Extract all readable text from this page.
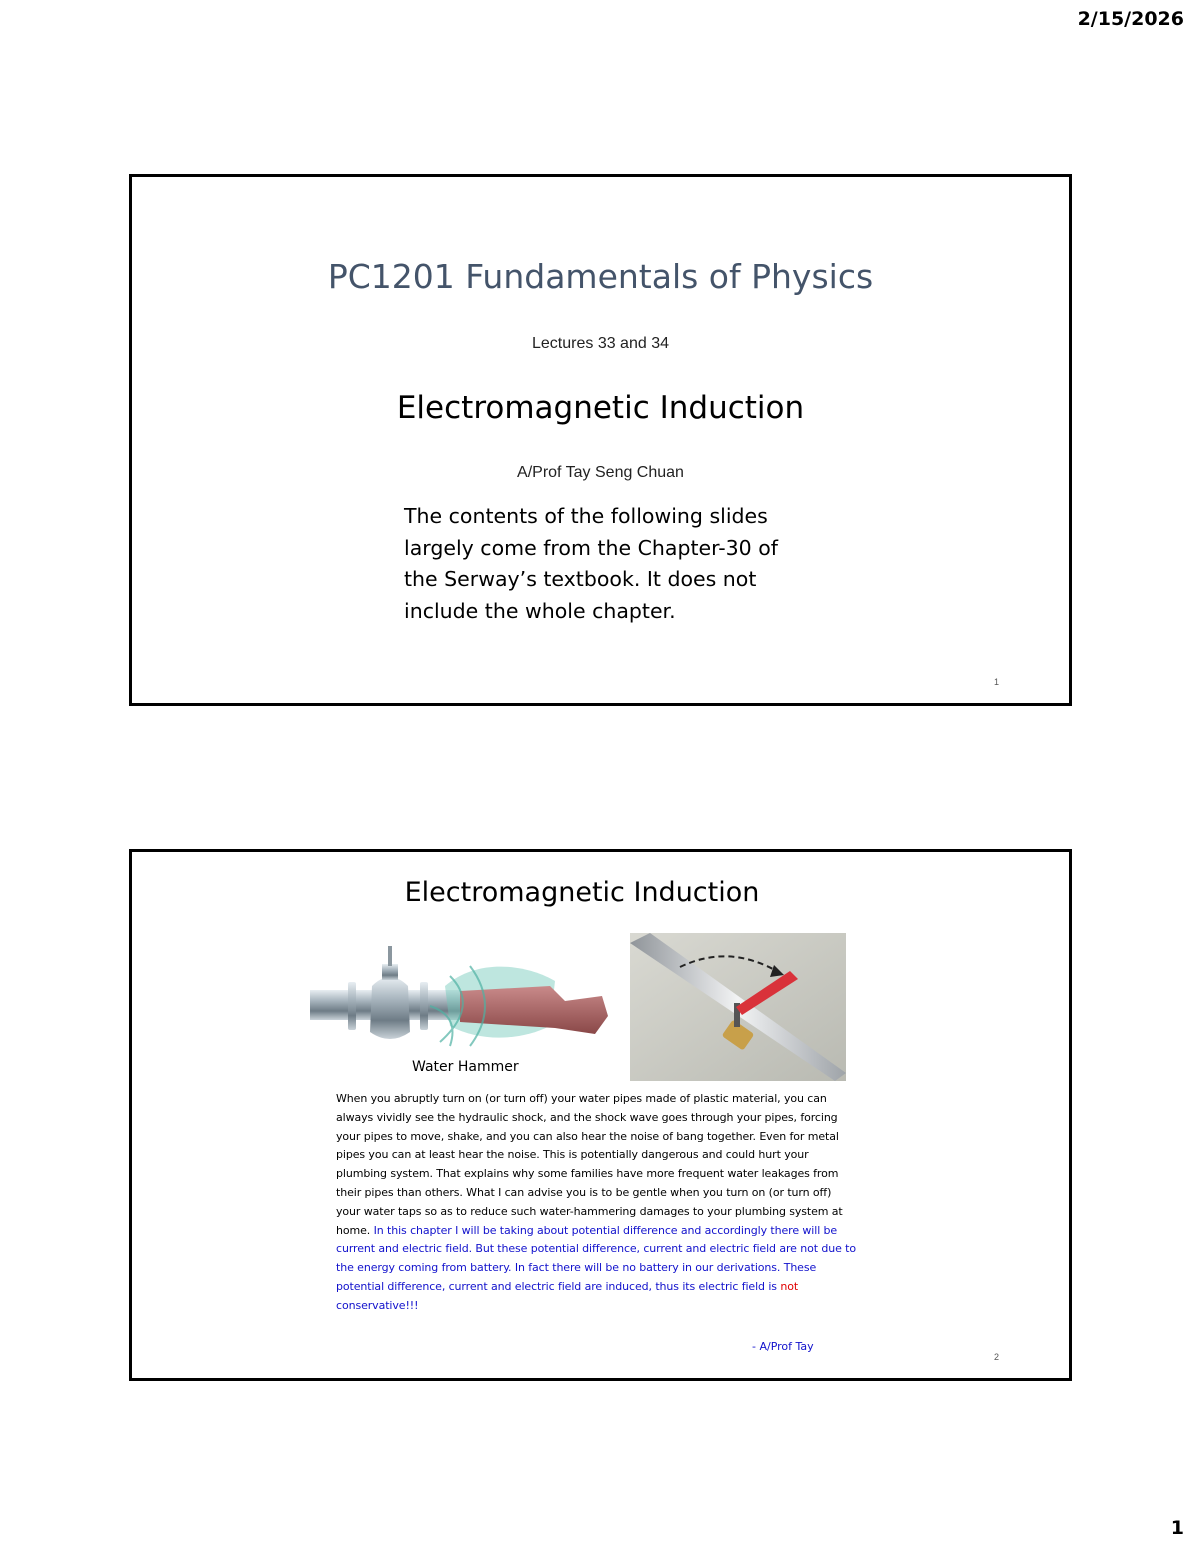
2/15/2026
PC1201 Fundamentals of Physics
Lectures 33 and 34
Electromagnetic Induction
A/Prof Tay Seng Chuan
The contents of the following slides largely come from the Chapter-30 of the Serway’s textbook. It does not include the whole chapter.
1
Electromagnetic Induction
Water Hammer
When you abruptly turn on (or turn off) your water pipes made of plastic material, you can always vividly see the hydraulic shock, and the shock wave goes through your pipes, forcing your pipes to move, shake, and you can also hear the noise of bang together. Even for metal pipes you can at least hear the noise. This is potentially dangerous and could hurt your plumbing system. That explains why some families have more frequent water leakages from their pipes than others. What I can advise you is to be gentle when you turn on (or turn off) your water taps so as to reduce such water-hammering damages to your plumbing system at home. In this chapter I will be taking about potential difference and accordingly there will be current and electric field. But these potential difference, current and electric field are not due to the energy coming from battery. In fact there will be no battery in our derivations. These potential difference, current and electric field are induced, thus its electric field is not conservative!!!
- A/Prof Tay
2
1
